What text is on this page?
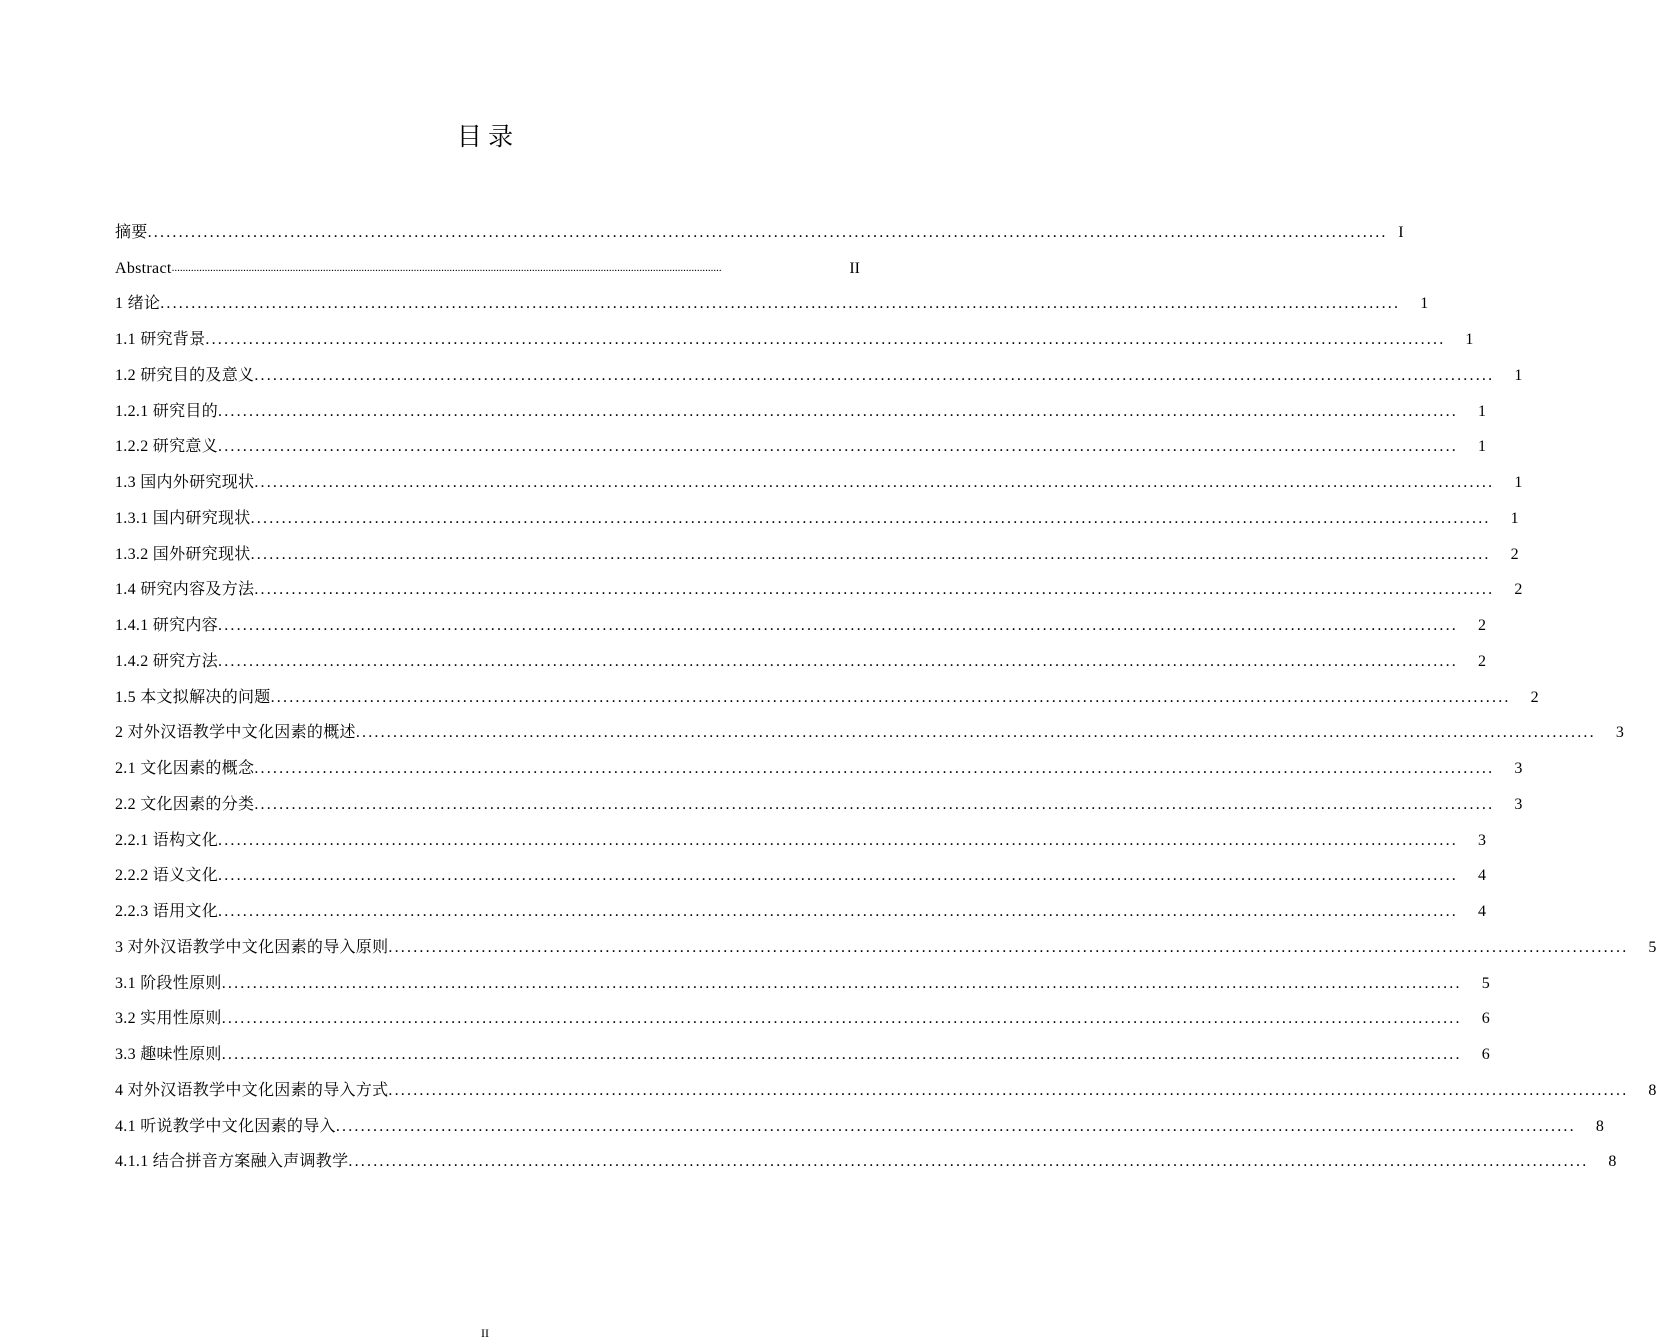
目 录
摘要 ........................................................................................................................................................................................................ I
Abstract ........................................................................................................................................................................................................	II
1 绪论 ........................................................................................................................................................................................................	1
1.1 研究背景 ........................................................................................................................................................................................................	1
1.2 研究目的及意义 ........................................................................................................................................................................................................	1
1.2.1 研究目的 ........................................................................................................................................................................................................	1
1.2.2 研究意义 ........................................................................................................................................................................................................	1
1.3 国内外研究现状 ........................................................................................................................................................................................................	1
1.3.1 国内研究现状 ........................................................................................................................................................................................................	1
1.3.2 国外研究现状 ........................................................................................................................................................................................................	2
1.4 研究内容及方法 ........................................................................................................................................................................................................	2
1.4.1 研究内容 ........................................................................................................................................................................................................	2
1.4.2 研究方法 ........................................................................................................................................................................................................	2
1.5 本文拟解决的问题 ........................................................................................................................................................................................................	2
2 对外汉语教学中文化因素的概述 ........................................................................................................................................................................................................	3
2.1 文化因素的概念 ........................................................................................................................................................................................................	3
2.2 文化因素的分类 ........................................................................................................................................................................................................	3
2.2.1 语构文化 ........................................................................................................................................................................................................	3
2.2.2 语义文化 ........................................................................................................................................................................................................	4
2.2.3 语用文化 ........................................................................................................................................................................................................	4
3 对外汉语教学中文化因素的导入原则 ........................................................................................................................................................................................................	5
3.1 阶段性原则 ........................................................................................................................................................................................................	5
3.2 实用性原则 ........................................................................................................................................................................................................	6
3.3 趣味性原则 ........................................................................................................................................................................................................	6
4 对外汉语教学中文化因素的导入方式 ........................................................................................................................................................................................................	8
4.1 听说教学中文化因素的导入 ........................................................................................................................................................................................................	8
4.1.1 结合拼音方案融入声调教学 ........................................................................................................................................................................................................	8
II
